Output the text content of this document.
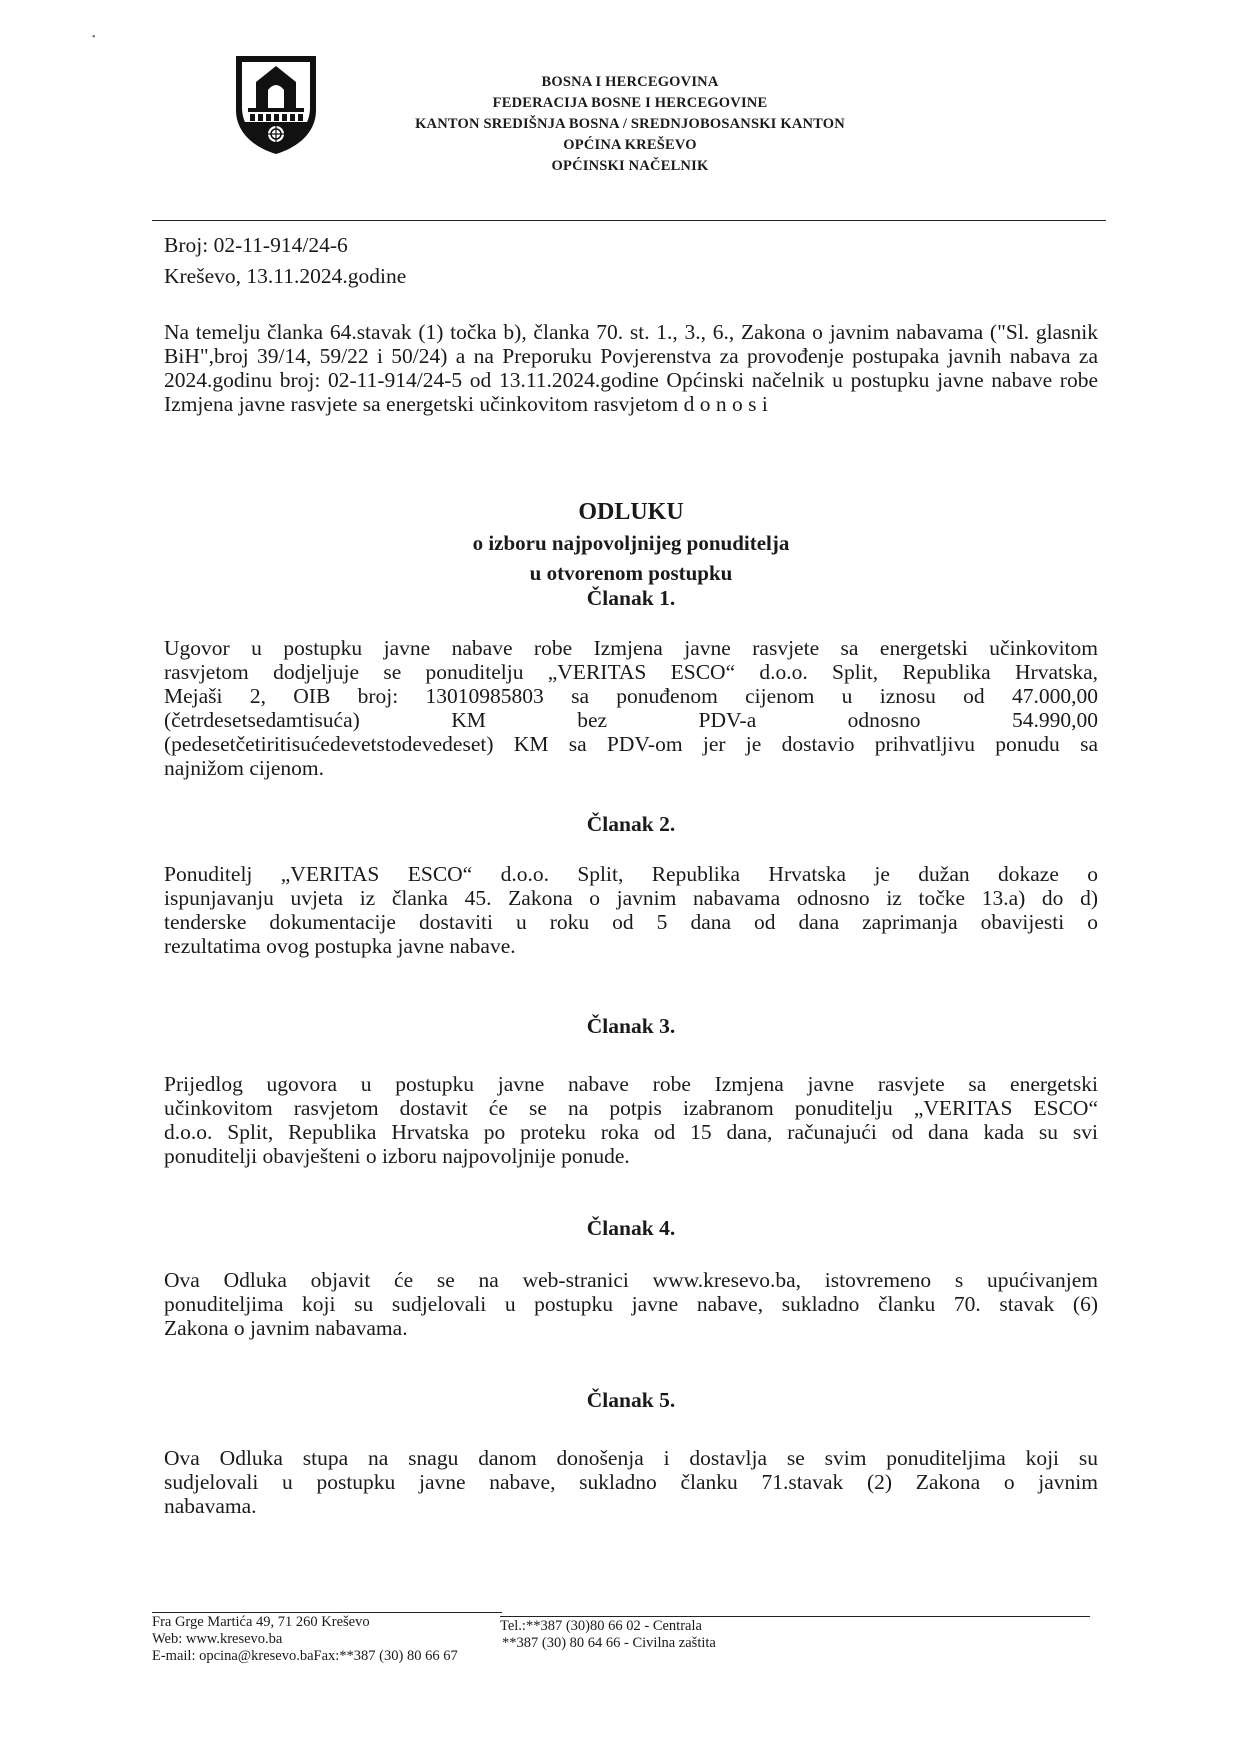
•
BOSNA I HERCEGOVINA
FEDERACIJA BOSNE I HERCEGOVINE
KANTON SREDIŠNJA BOSNA / SREDNJOBOSANSKI KANTON
OPĆINA KREŠEVO
OPĆINSKI NAČELNIK
Broj: 02-11-914/24-6
Kreševo, 13.11.2024.godine
Na temelju članka 64.stavak (1) točka b), članka 70. st. 1., 3., 6., Zakona o javnim nabavama ("Sl. glasnik BiH",broj 39/14, 59/22 i 50/24) a na Preporuku Povjerenstva za provođenje postupaka javnih nabava za 2024.godinu broj: 02-11-914/24-5 od 13.11.2024.godine Općinski načelnik u postupku javne nabave robe Izmjena javne rasvjete sa energetski učinkovitom rasvjetom d o n o s i
ODLUKU
o izboru najpovoljnijeg ponuditelja
u otvorenom postupku
Članak 1.
Ugovor u postupku javne nabave robe Izmjena javne rasvjete sa energetski učinkovitom
rasvjetom dodjeljuje se ponuditelju „VERITAS ESCO“ d.o.o. Split, Republika Hrvatska,
Mejaši 2, OIB broj: 13010985803 sa ponuđenom cijenom u iznosu od 47.000,00
(četrdesetsedamtisuća)	KM	bez	PDV-a	odnosno	54.990,00
(pedesetčetiritisućedevetstodevedeset) KM sa PDV-om jer je dostavio prihvatljivu ponudu sa
najnižom cijenom.
Članak 2.
Ponuditelj „VERITAS ESCO“ d.o.o. Split, Republika Hrvatska je dužan dokaze o
ispunjavanju uvjeta iz članka 45. Zakona o javnim nabavama odnosno iz točke 13.a) do d)
tenderske dokumentacije dostaviti u roku od 5 dana od dana zaprimanja obavijesti o
rezultatima ovog postupka javne nabave.
Članak 3.
Prijedlog ugovora u postupku javne nabave robe Izmjena javne rasvjete sa energetski
učinkovitom rasvjetom dostavit će se na potpis izabranom ponuditelju „VERITAS ESCO“
d.o.o. Split, Republika Hrvatska po proteku roka od 15 dana, računajući od dana kada su svi
ponuditelji obavješteni o izboru najpovoljnije ponude.
Članak 4.
Ova Odluka objavit će se na web-stranici www.kresevo.ba, istovremeno s upućivanjem
ponuditeljima koji su sudjelovali u postupku javne nabave, sukladno članku 70. stavak (6)
Zakona o javnim nabavama.
Članak 5.
Ova Odluka stupa na snagu danom donošenja i dostavlja se svim ponuditeljima koji su
sudjelovali u postupku javne nabave, sukladno članku 71.stavak (2) Zakona o javnim
nabavama.
Fra Grge Martića 49, 71 260 Kreševo
Web: www.kresevo.ba
E-mail: opcina@kresevo.baFax:**387 (30) 80 66 67
Tel.:**387 (30)80 66 02 - Centrala
**387 (30) 80 64 66 - Civilna zaštita
